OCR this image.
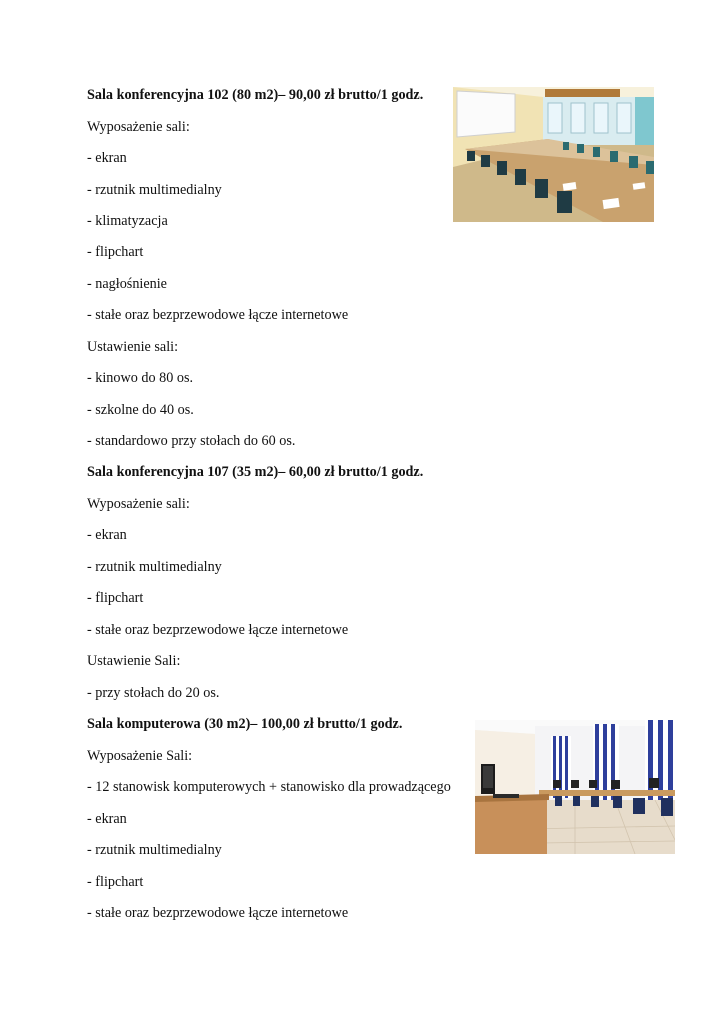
Sala konferencyjna 102 (80 m2)– 90,00 zł brutto/1 godz.

Wyposażenie sali:

- ekran

- rzutnik multimedialny

- klimatyzacja

- flipchart

- nagłośnienie

- stałe oraz bezprzewodowe łącze internetowe

Ustawienie sali:

- kinowo do 80 os.

- szkolne do 40 os.

- standardowo przy stołach do 60 os.

Sala konferencyjna 107 (35 m2)– 60,00 zł brutto/1 godz.

Wyposażenie sali:

- ekran

- rzutnik multimedialny

- flipchart

- stałe oraz bezprzewodowe łącze internetowe

Ustawienie Sali:

- przy stołach do 20 os.

Sala komputerowa (30 m2)– 100,00 zł brutto/1 godz.

Wyposażenie Sali:

- 12 stanowisk komputerowych + stanowisko dla prowadzącego

- ekran

- rzutnik multimedialny

- flipchart

- stałe oraz bezprzewodowe łącze internetowe
